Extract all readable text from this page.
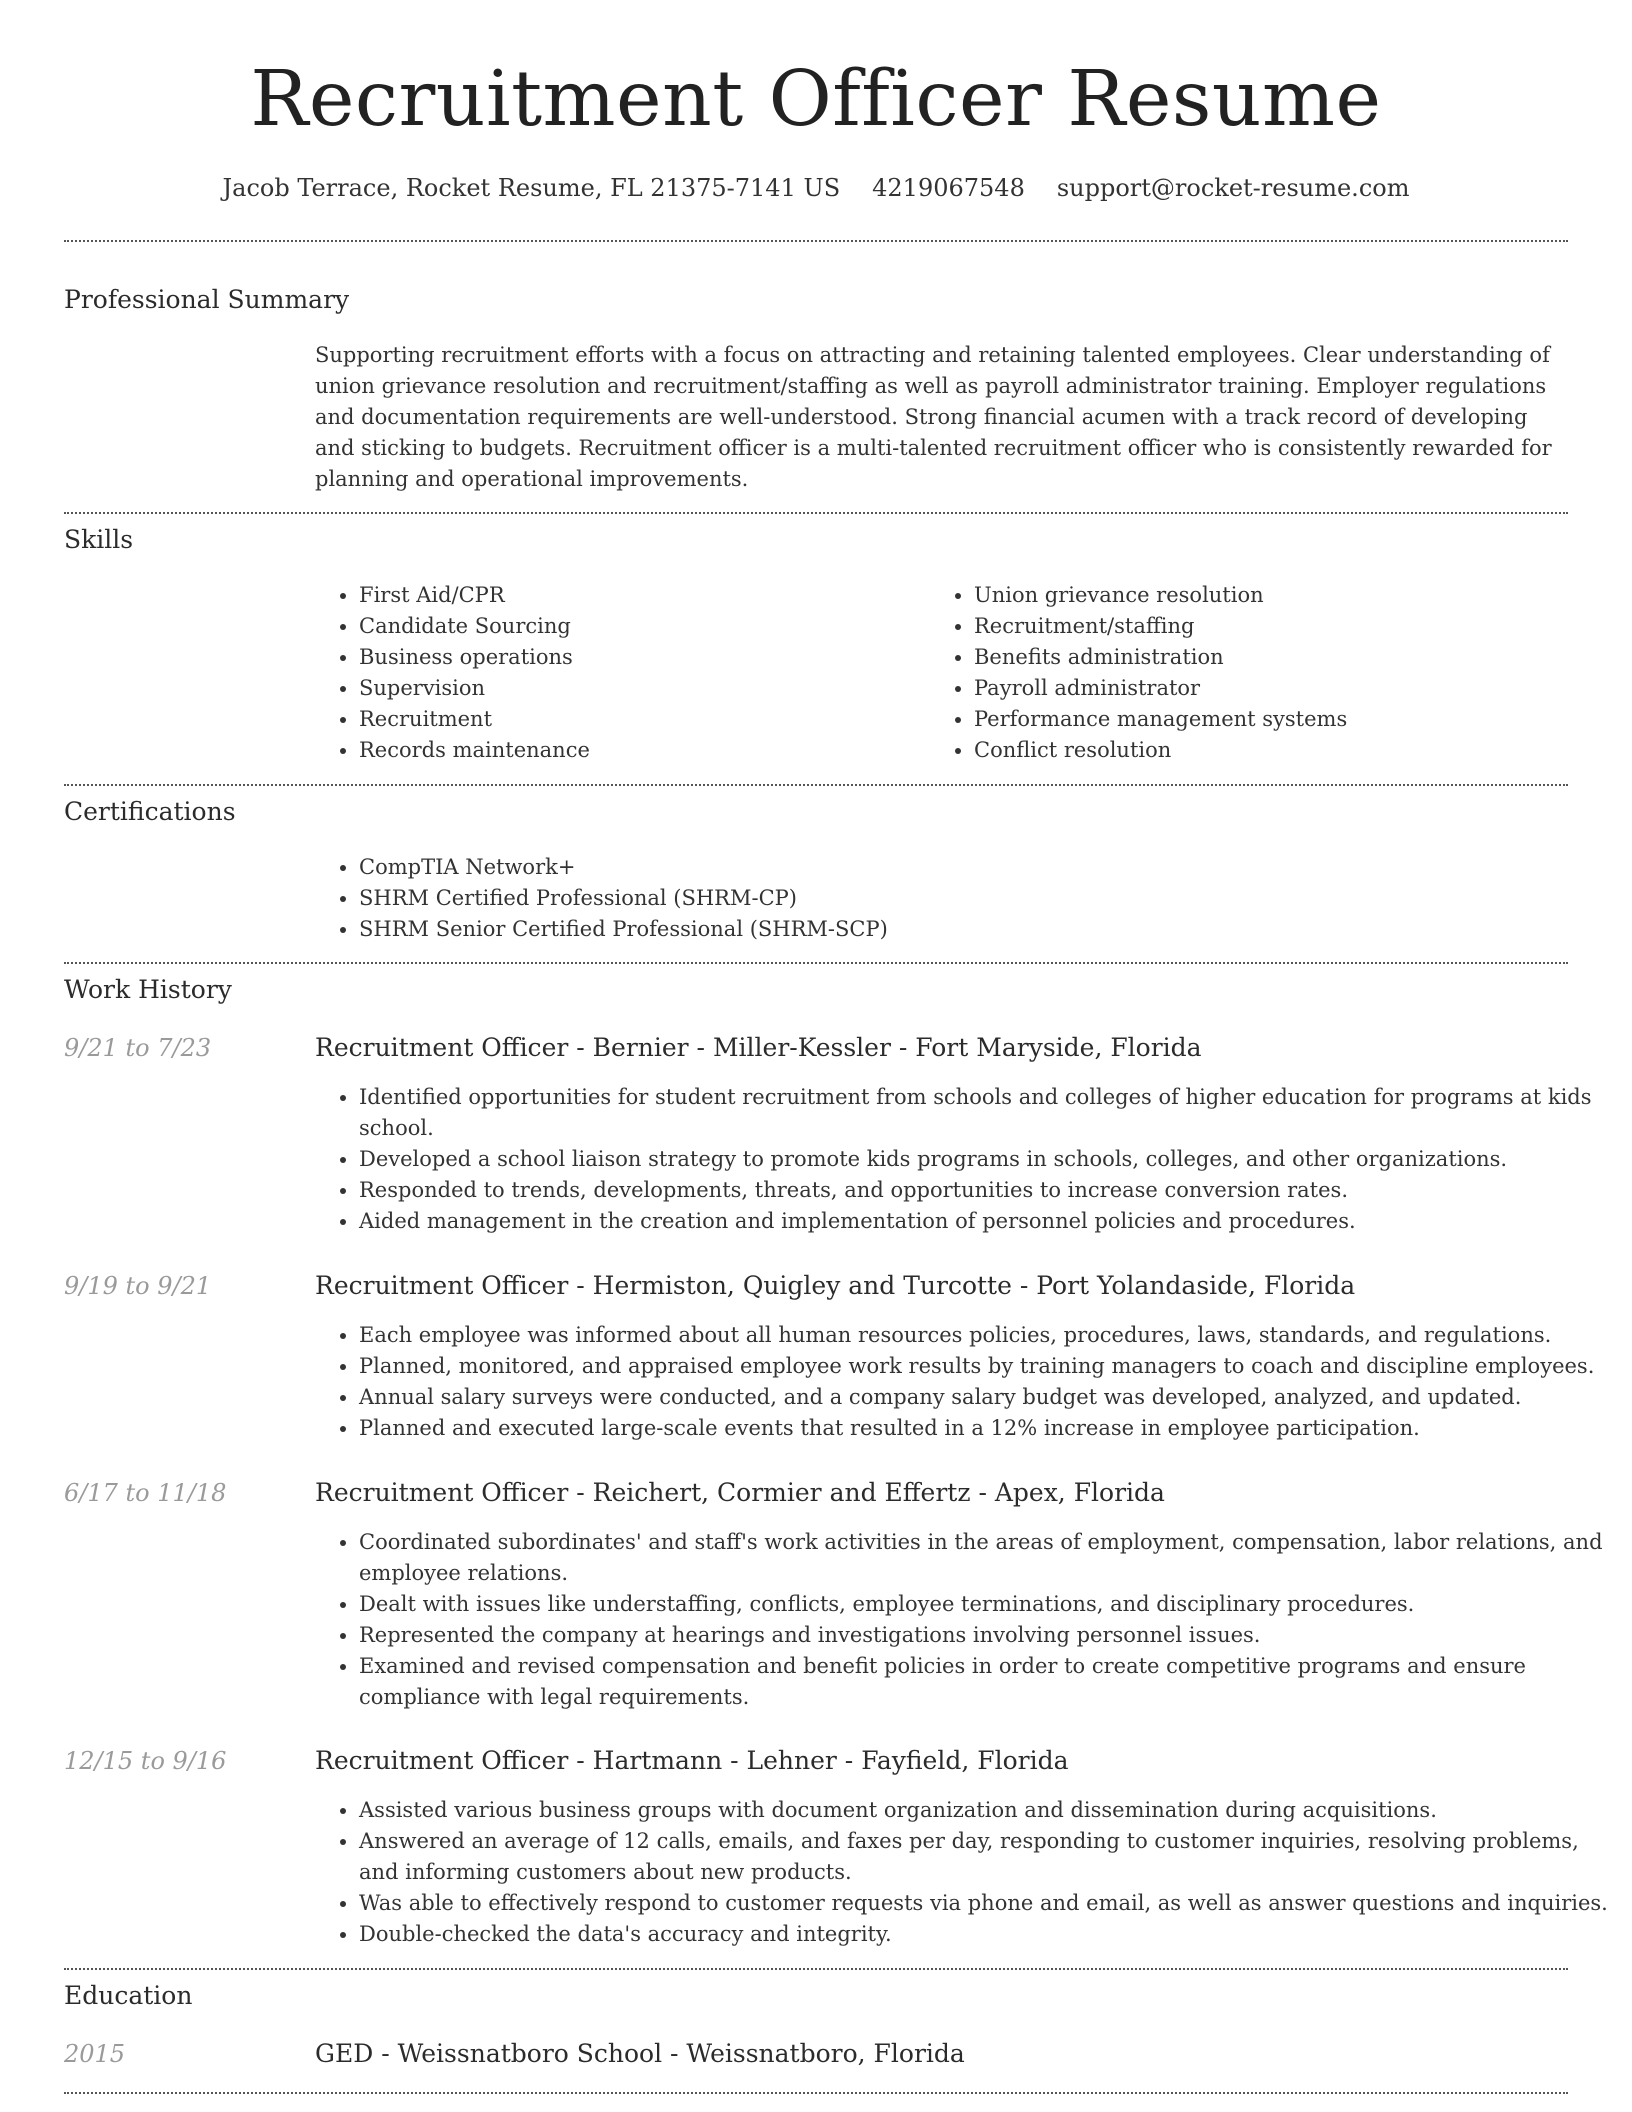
Recruitment Officer Resume
Jacob Terrace, Rocket Resume, FL 21375-7141 US 4219067548 support@rocket-resume.com
Professional Summary

Supporting recruitment efforts with a focus on attracting and retaining talented employees. Clear understanding of union grievance resolution and recruitment/staffing as well as payroll administrator training. Employer regulations and documentation requirements are well-understood. Strong financial acumen with a track record of developing and sticking to budgets. Recruitment officer is a multi-talented recruitment officer who is consistently rewarded for planning and operational improvements.

Skills
• First Aid/CPR
• Candidate Sourcing
• Business operations
• Supervision
• Recruitment
• Records maintenance
• Union grievance resolution
• Recruitment/staffing
• Benefits administration
• Payroll administrator
• Performance management systems
• Conflict resolution
Certifications
• CompTIA Network+
• SHRM Certified Professional (SHRM-CP)
• SHRM Senior Certified Professional (SHRM-SCP)
Work History
9/21 to 7/23	Recruitment Officer - Bernier - Miller-Kessler - Fort Maryside, Florida
• Identified opportunities for student recruitment from schools and colleges of higher education for programs at kids school.
• Developed a school liaison strategy to promote kids programs in schools, colleges, and other organizations.
• Responded to trends, developments, threats, and opportunities to increase conversion rates.
• Aided management in the creation and implementation of personnel policies and procedures.
9/19 to 9/21	Recruitment Officer - Hermiston, Quigley and Turcotte - Port Yolandaside, Florida
• Each employee was informed about all human resources policies, procedures, laws, standards, and regulations.
• Planned, monitored, and appraised employee work results by training managers to coach and discipline employees.
• Annual salary surveys were conducted, and a company salary budget was developed, analyzed, and updated.
• Planned and executed large-scale events that resulted in a 12% increase in employee participation.
6/17 to 11/18	Recruitment Officer - Reichert, Cormier and Effertz - Apex, Florida
• Coordinated subordinates' and staff's work activities in the areas of employment, compensation, labor relations, and employee relations.
• Dealt with issues like understaffing, conflicts, employee terminations, and disciplinary procedures.
• Represented the company at hearings and investigations involving personnel issues.
• Examined and revised compensation and benefit policies in order to create competitive programs and ensure compliance with legal requirements.
12/15 to 9/16	Recruitment Officer - Hartmann - Lehner - Fayfield, Florida
• Assisted various business groups with document organization and dissemination during acquisitions.
• Answered an average of 12 calls, emails, and faxes per day, responding to customer inquiries, resolving problems, and informing customers about new products.
• Was able to effectively respond to customer requests via phone and email, as well as answer questions and inquiries.
• Double-checked the data's accuracy and integrity.
Education
2015	GED - Weissnatboro School - Weissnatboro, Florida
